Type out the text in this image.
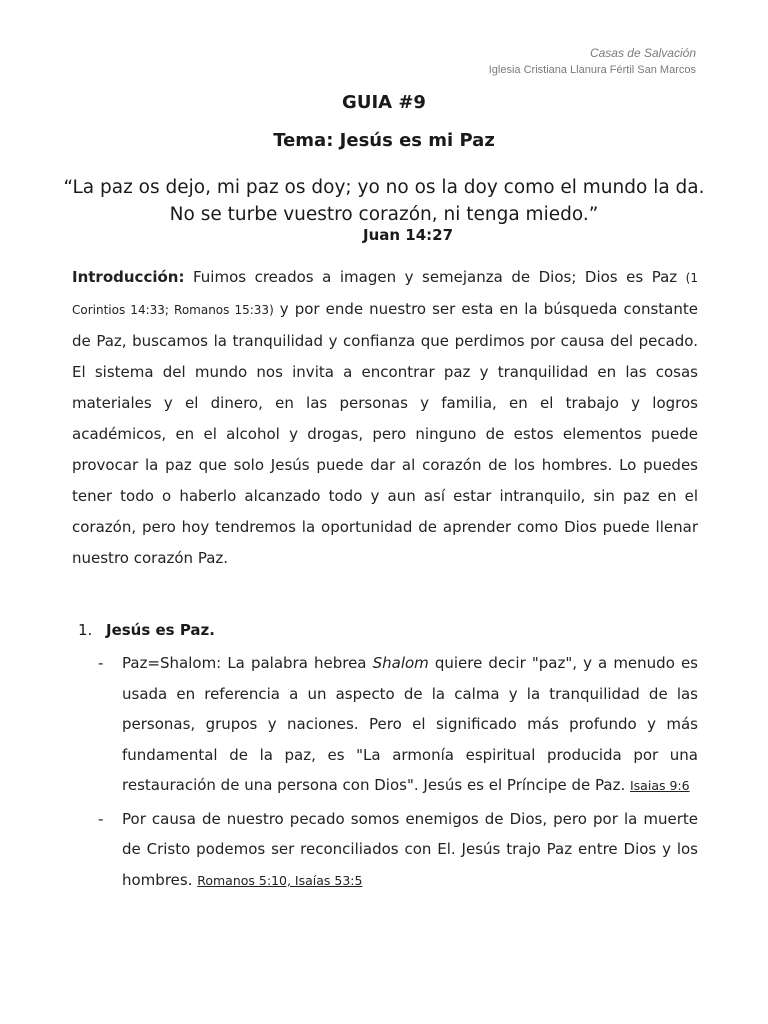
Casas de Salvación
Iglesia Cristiana Llanura Fértil San Marcos
GUIA #9
Tema: Jesús es mi Paz
“La paz os dejo, mi paz os doy; yo no os la doy como el mundo la da. No se turbe vuestro corazón, ni tenga miedo.”
Juan 14:27
Introducción: Fuimos creados a imagen y semejanza de Dios; Dios es Paz (1 Corintios 14:33; Romanos 15:33) y por ende nuestro ser esta en la búsqueda constante de Paz, buscamos la tranquilidad y confianza que perdimos por causa del pecado. El sistema del mundo nos invita a encontrar paz y tranquilidad en las cosas materiales y el dinero, en las personas y familia, en el trabajo y logros académicos, en el alcohol y drogas, pero ninguno de estos elementos puede provocar la paz que solo Jesús puede dar al corazón de los hombres. Lo puedes tener todo o haberlo alcanzado todo y aun así estar intranquilo, sin paz en el corazón, pero hoy tendremos la oportunidad de aprender como Dios puede llenar nuestro corazón Paz.
1. Jesús es Paz.
- Paz=Shalom: La palabra hebrea Shalom quiere decir "paz", y a menudo es usada en referencia a un aspecto de la calma y la tranquilidad de las personas, grupos y naciones. Pero el significado más profundo y más fundamental de la paz, es "La armonía espiritual producida por una restauración de una persona con Dios". Jesús es el Príncipe de Paz. Isaias 9:6
- Por causa de nuestro pecado somos enemigos de Dios, pero por la muerte de Cristo podemos ser reconciliados con El. Jesús trajo Paz entre Dios y los hombres. Romanos 5:10, Isaías 53:5
